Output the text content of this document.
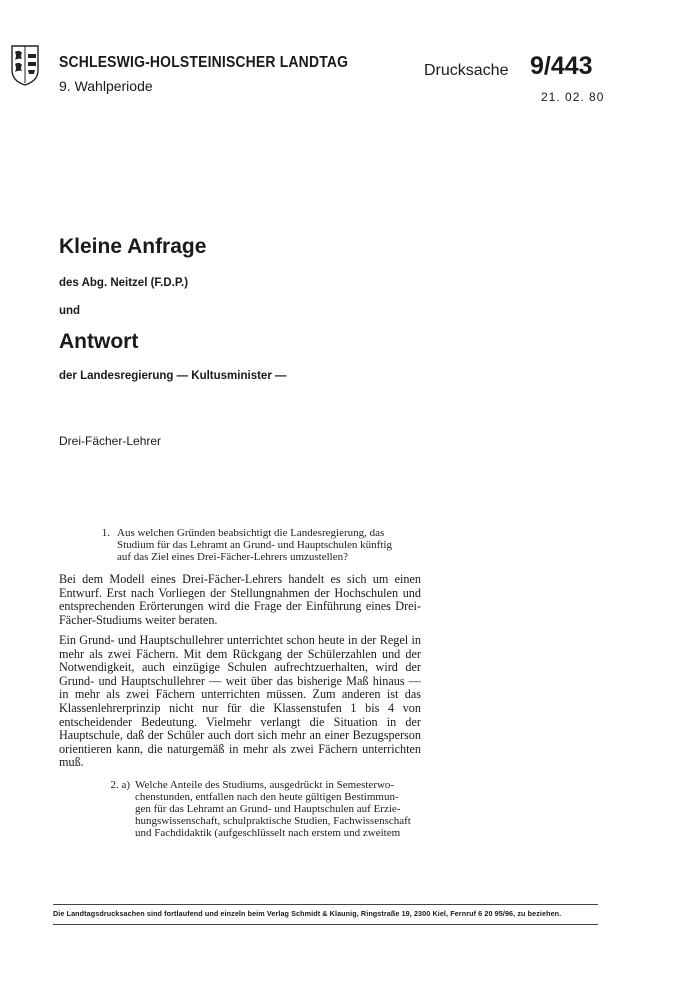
SCHLESWIG-HOLSTEINISCHER LANDTAG
9. Wahlperiode
Drucksache 9/443
21. 02. 80
Kleine Anfrage
des Abg. Neitzel (F.D.P.)
und
Antwort
der Landesregierung — Kultusminister —
Drei-Fächer-Lehrer
1. Aus welchen Gründen beabsichtigt die Landesregierung, das
Studium für das Lehramt an Grund- und Hauptschulen künftig
auf das Ziel eines Drei-Fächer-Lehrers umzustellen?
Bei dem Modell eines Drei-Fächer-Lehrers handelt es sich um einen Entwurf. Erst nach Vorliegen der Stellungnahmen der Hochschulen und entsprechenden Erörterungen wird die Frage der Einführung eines Drei-Fächer-Studiums weiter beraten.
Ein Grund- und Hauptschullehrer unterrichtet schon heute in der Regel in mehr als zwei Fächern. Mit dem Rückgang der Schülerzahlen und der Notwendigkeit, auch einzügige Schulen aufrechtzuerhalten, wird der Grund- und Hauptschullehrer — weit über das bisherige Maß hinaus — in mehr als zwei Fächern unterrichten müssen. Zum anderen ist das Klassenlehrerprinzip nicht nur für die Klassenstufen 1 bis 4 von entscheidender Bedeutung. Vielmehr verlangt die Situation in der Hauptschule, daß der Schüler auch dort sich mehr an einer Bezugsperson orientieren kann, die naturgemäß in mehr als zwei Fächern unterrichten muß.
2. a) Welche Anteile des Studiums, ausgedrückt in Semesterwo-
chenstunden, entfallen nach den heute gültigen Bestimmun-
gen für das Lehramt an Grund- und Hauptschulen auf Erzie-
hungswissenschaft, schulpraktische Studien, Fachwissenschaft
und Fachdidaktik (aufgeschlüsselt nach erstem und zweitem
Die Landtagsdrucksachen sind fortlaufend und einzeln beim Verlag Schmidt & Klaunig, Ringstraße 19, 2300 Kiel, Fernruf 6 20 95/96, zu beziehen.
